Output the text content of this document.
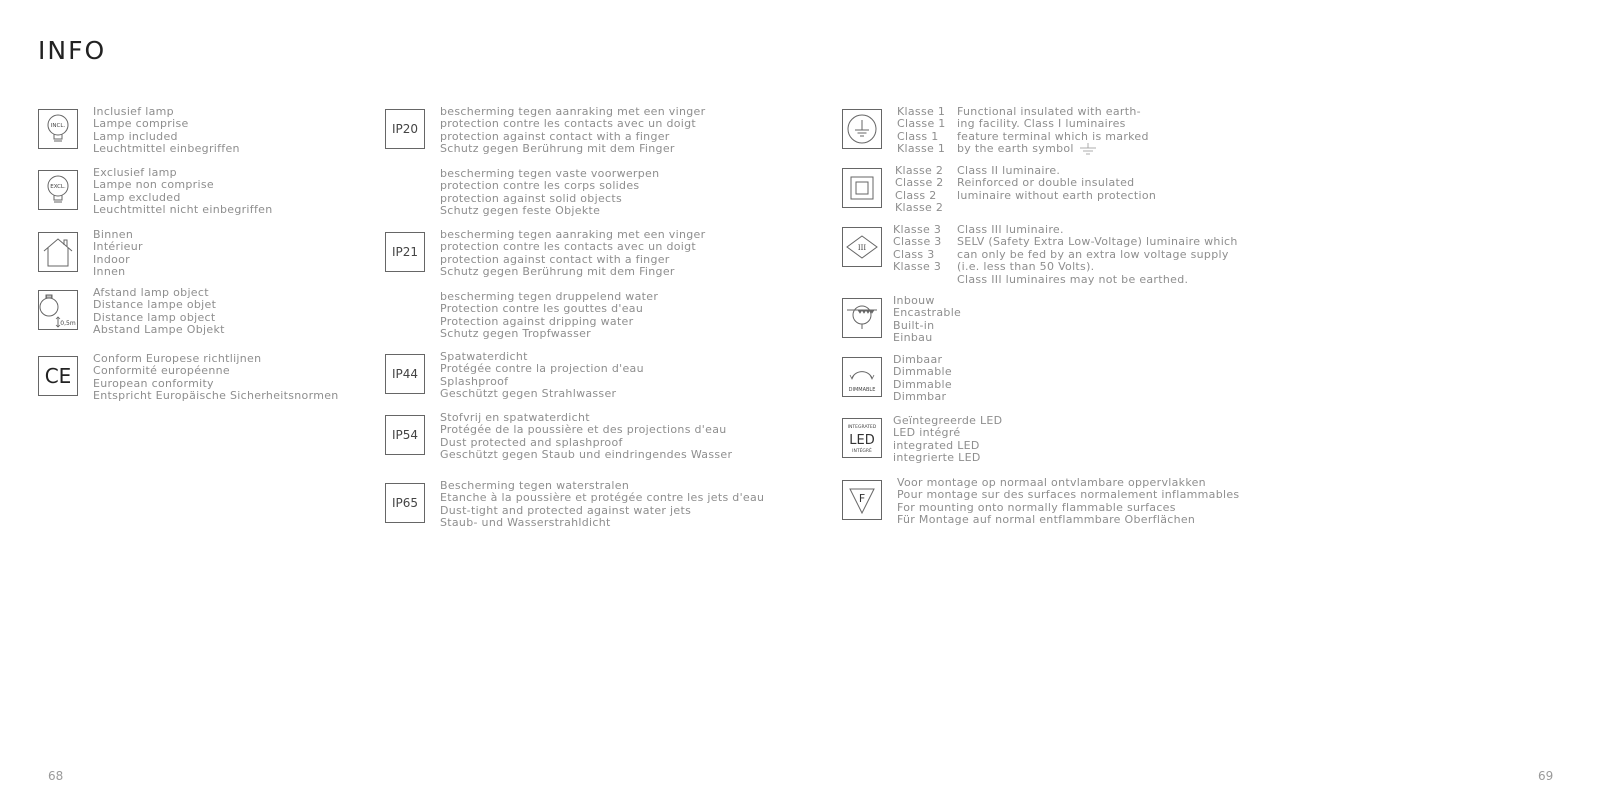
INFO
INCL.
Inclusief lamp
Lampe comprise
Lamp included
Leuchtmittel einbegriffen
EXCL.
Exclusief lamp
Lampe non comprise
Lamp excluded
Leuchtmittel nicht einbegriffen
Binnen
Intérieur
Indoor
Innen
0,5m
Afstand lamp object
Distance lampe objet
Distance lamp object
Abstand Lampe Objekt
CE
Conform Europese richtlijnen
Conformité européenne
European conformity
Entspricht Europäische Sicherheitsnormen
IP20
bescherming tegen aanraking met een vinger
protection contre les contacts avec un doigt
protection against contact with a finger
Schutz gegen Berührung mit dem Finger
bescherming tegen vaste voorwerpen
protection contre les corps solides
protection against solid objects
Schutz gegen feste Objekte
IP21
bescherming tegen aanraking met een vinger
protection contre les contacts avec un doigt
protection against contact with a finger
Schutz gegen Berührung mit dem Finger
bescherming tegen druppelend water
Protection contre les gouttes d'eau
Protection against dripping water
Schutz gegen Tropfwasser
IP44
Spatwaterdicht
Protégée contre la projection d'eau
Splashproof
Geschützt gegen Strahlwasser
IP54
Stofvrij en spatwaterdicht
Protégée de la poussière et des projections d'eau
Dust protected and splashproof
Geschützt gegen Staub und eindringendes Wasser
IP65
Bescherming tegen waterstralen
Etanche à la poussière et protégée contre les jets d'eau
Dust-tight and protected against water jets
Staub- und Wasserstrahldicht
Klasse 1
Classe 1
Class 1
Klasse 1
Functional insulated with earth-
ing facility. Class I luminaires
feature terminal which is marked
by the earth symbol
Klasse 2
Classe 2
Class 2
Klasse 2
Class II luminaire.
Reinforced or double insulated
luminaire without earth protection
III
Klasse 3
Classe 3
Class 3
Klasse 3
Class III luminaire.
SELV (Safety Extra Low-Voltage) luminaire which
can only be fed by an extra low voltage supply
(i.e. less than 50 Volts).
Class III luminaires may not be earthed.
Inbouw
Encastrable
Built-in
Einbau
DIMMABLE
Dimbaar
Dimmable
Dimmable
Dimmbar
INTEGRATED
LED
INTÉGRÉ
Geïntegreerde LED
LED intégré
integrated LED
integrierte LED
F
Voor montage op normaal ontvlambare oppervlakken
Pour montage sur des surfaces normalement inflammables
For mounting onto normally flammable surfaces
Für Montage auf normal entflammbare Oberflächen
68	69
